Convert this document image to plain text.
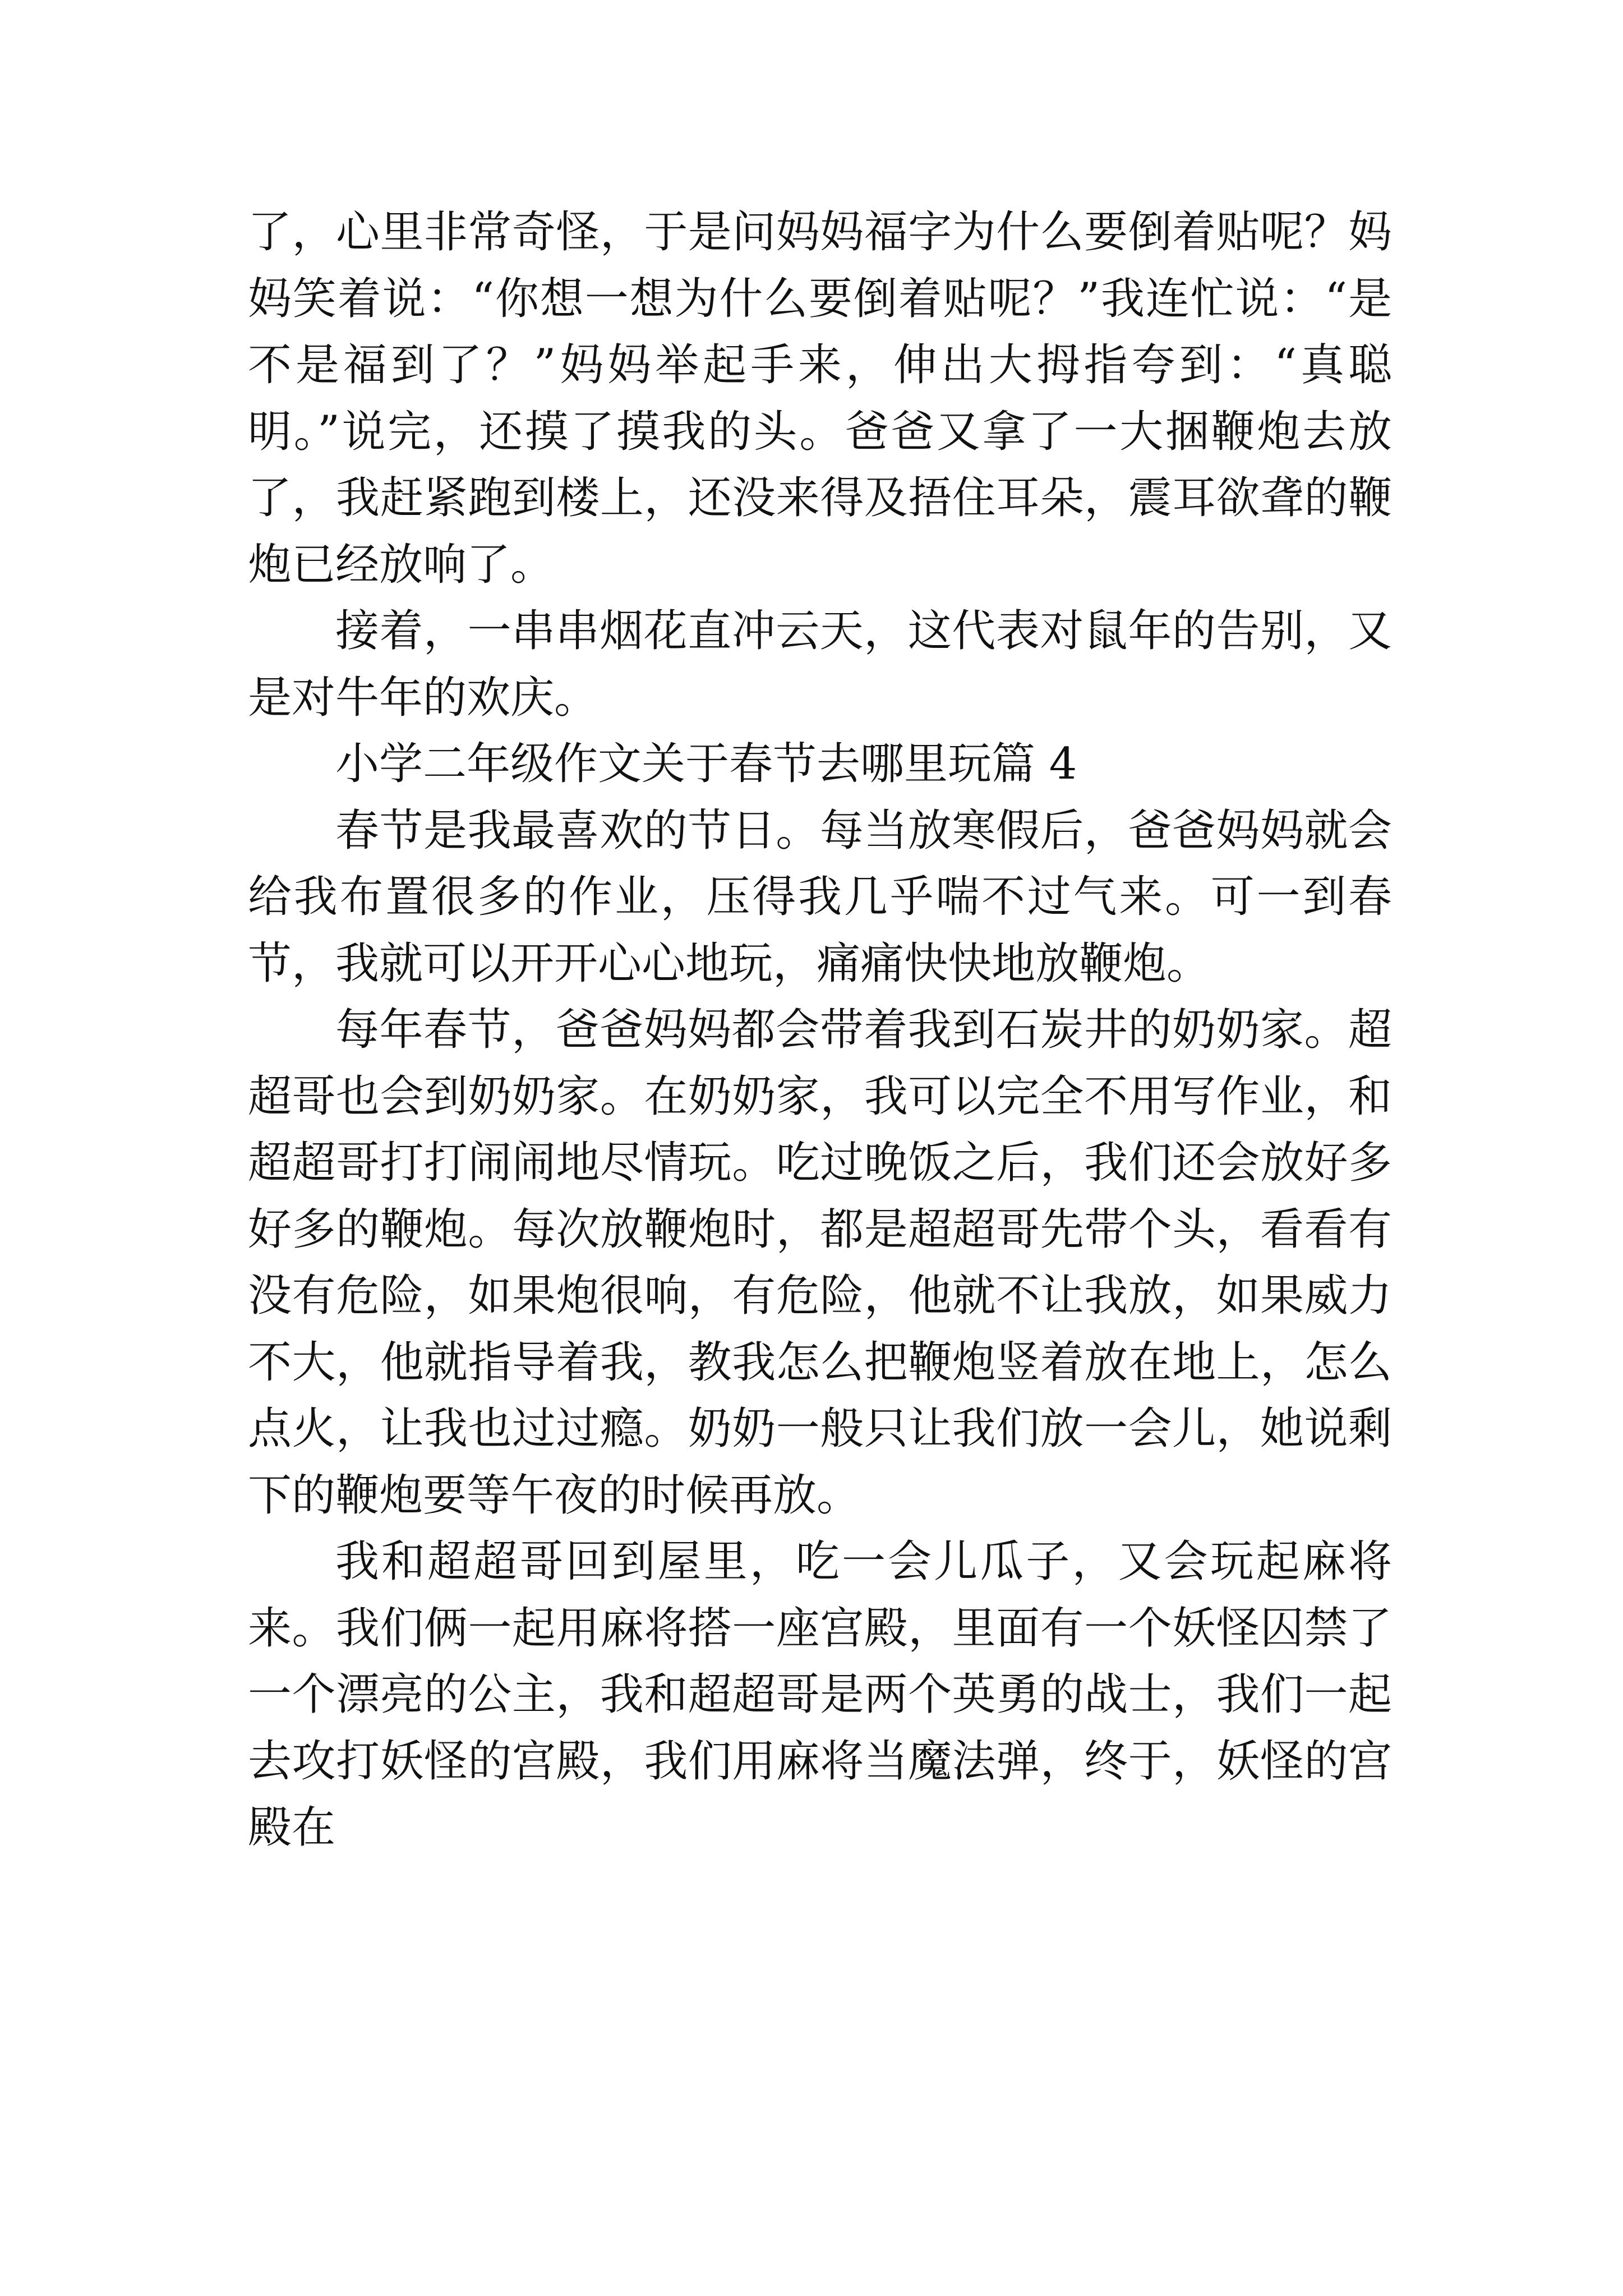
了，心里非常奇怪，于是问妈妈福字为什么要倒着贴呢？妈妈笑着说：“你想一想为什么要倒着贴呢？”我连忙说：“是不是福到了？”妈妈举起手来，伸出大拇指夸到：“真聪明。”说完，还摸了摸我的头。爸爸又拿了一大捆鞭炮去放了，我赶紧跑到楼上，还没来得及捂住耳朵，震耳欲聋的鞭炮已经放响了。

接着，一串串烟花直冲云天，这代表对鼠年的告别，又是对牛年的欢庆。

小学二年级作文关于春节去哪里玩篇 4

春节是我最喜欢的节日。每当放寒假后，爸爸妈妈就会给我布置很多的作业，压得我几乎喘不过气来。可一到春节，我就可以开开心心地玩，痛痛快快地放鞭炮。

每年春节，爸爸妈妈都会带着我到石炭井的奶奶家。超超哥也会到奶奶家。在奶奶家，我可以完全不用写作业，和超超哥打打闹闹地尽情玩。吃过晚饭之后，我们还会放好多好多的鞭炮。每次放鞭炮时，都是超超哥先带个头，看看有没有危险，如果炮很响，有危险，他就不让我放，如果威力不大，他就指导着我，教我怎么把鞭炮竖着放在地上，怎么点火，让我也过过瘾。奶奶一般只让我们放一会儿，她说剩下的鞭炮要等午夜的时候再放。

我和超超哥回到屋里，吃一会儿瓜子，又会玩起麻将来。我们俩一起用麻将搭一座宫殿，里面有一个妖怪囚禁了一个漂亮的公主，我和超超哥是两个英勇的战士，我们一起去攻打妖怪的宫殿，我们用麻将当魔法弹，终于，妖怪的宫殿在
